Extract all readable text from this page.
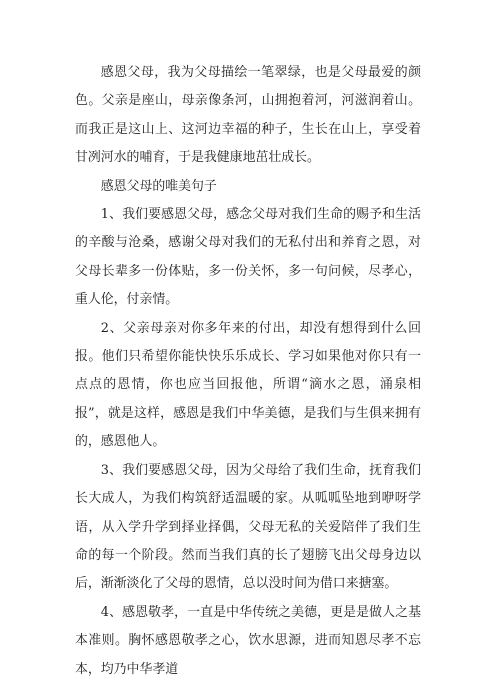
感恩父母，我为父母描绘一笔翠绿，也是父母最爱的颜色。父亲是座山，母亲像条河，山拥抱着河，河滋润着山。而我正是这山上、这河边幸福的种子，生长在山上，享受着甘冽河水的哺育，于是我健康地茁壮成长。

感恩父母的唯美句子

1、我们要感恩父母，感念父母对我们生命的赐予和生活的辛酸与沧桑，感谢父母对我们的无私付出和养育之恩，对父母长辈多一份体贴，多一份关怀，多一句问候，尽孝心，重人伦，付亲情。

2、父亲母亲对你多年来的付出，却没有想得到什么回报。他们只希望你能快快乐乐成长、学习如果他对你只有一点点的恩情，你也应当回报他，所谓“滴水之恩，涌泉相报”，就是这样，感恩是我们中华美德，是我们与生俱来拥有的，感恩他人。

3、我们要感恩父母，因为父母给了我们生命，抚育我们长大成人，为我们构筑舒适温暖的家。从呱呱坠地到咿呀学语，从入学升学到择业择偶，父母无私的关爱陪伴了我们生命的每一个阶段。然而当我们真的长了翅膀飞出父母身边以后，渐渐淡化了父母的恩情，总以没时间为借口来搪塞。

4、感恩敬孝，一直是中华传统之美德，更是是做人之基本准则。胸怀感恩敬孝之心，饮水思源，进而知恩尽孝不忘本，均乃中华孝道
